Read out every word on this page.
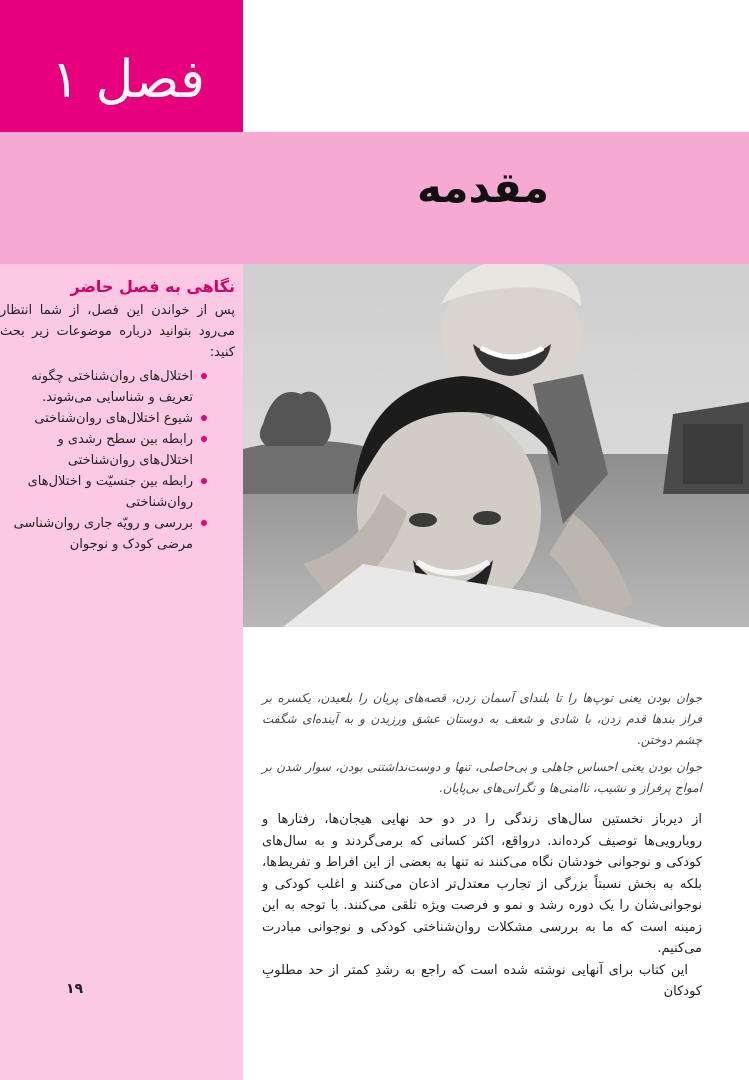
فصل ۱
مقدمه
نگاهی به فصل حاضر

پس از خواندن این فصل، از شما انتظار می‌رود بتوانید درباره موضوعات زیر بحث کنید:

اختلال‌های روان‌شناختی چگونه تعریف و شناسایی می‌شوند.
شیوع اختلال‌های روان‌شناختی
رابطه بین سطح رشدی و اختلال‌های روان‌شناختی
رابطه بین جنسیّت و اختلال‌های روان‌شناختی
بررسی و رویّه جاری روان‌شناسی مرضی کودک و نوجوان
۱۹

جوان بودن یعنی توپ‌ها را تا بلندای آسمان زدن، قصه‌های پریان را بلعیدن، یکسره بر فراز بندها قدم زدن، با شادی و شعف به دوستان عشق ورزیدن و به آینده‌ای شگفت چشم دوختن.

جوان بودن یعنی احساس جاهلی و بی‌حاصلی، تنها و دوست‌نداشتنی بودن، سوار شدن بر امواج پرفراز و نشیب، ناامنی‌ها و نگرانی‌های بی‌پایان.

از دیرباز نخستین سال‌های زندگی را در دو حد نهایی هیجان‌ها، رفتارها و رویارویی‌ها توصیف کرده‌اند. درواقع، اکثر کسانی که برمی‌گردند و به سال‌های کودکی و نوجوانی خودشان نگاه می‌کنند نه تنها به بعضی از این افراط و تفریط‌ها، بلکه به بخش نسبتاً بزرگی از تجارب معتدل‌تر اذعان می‌کنند و اغلب کودکی و نوجوانی‌شان را یک دوره رشد و نمو و فرصت ویژه تلقی می‌کنند. با توجه به این زمینه است که ما به بررسی مشکلات روان‌شناختی کودکی و نوجوانی مبادرت می‌کنیم.

این کتاب برای آنهایی نوشته شده است که راجع به رشدِ کمتر از حد مطلوبِ کودکان
